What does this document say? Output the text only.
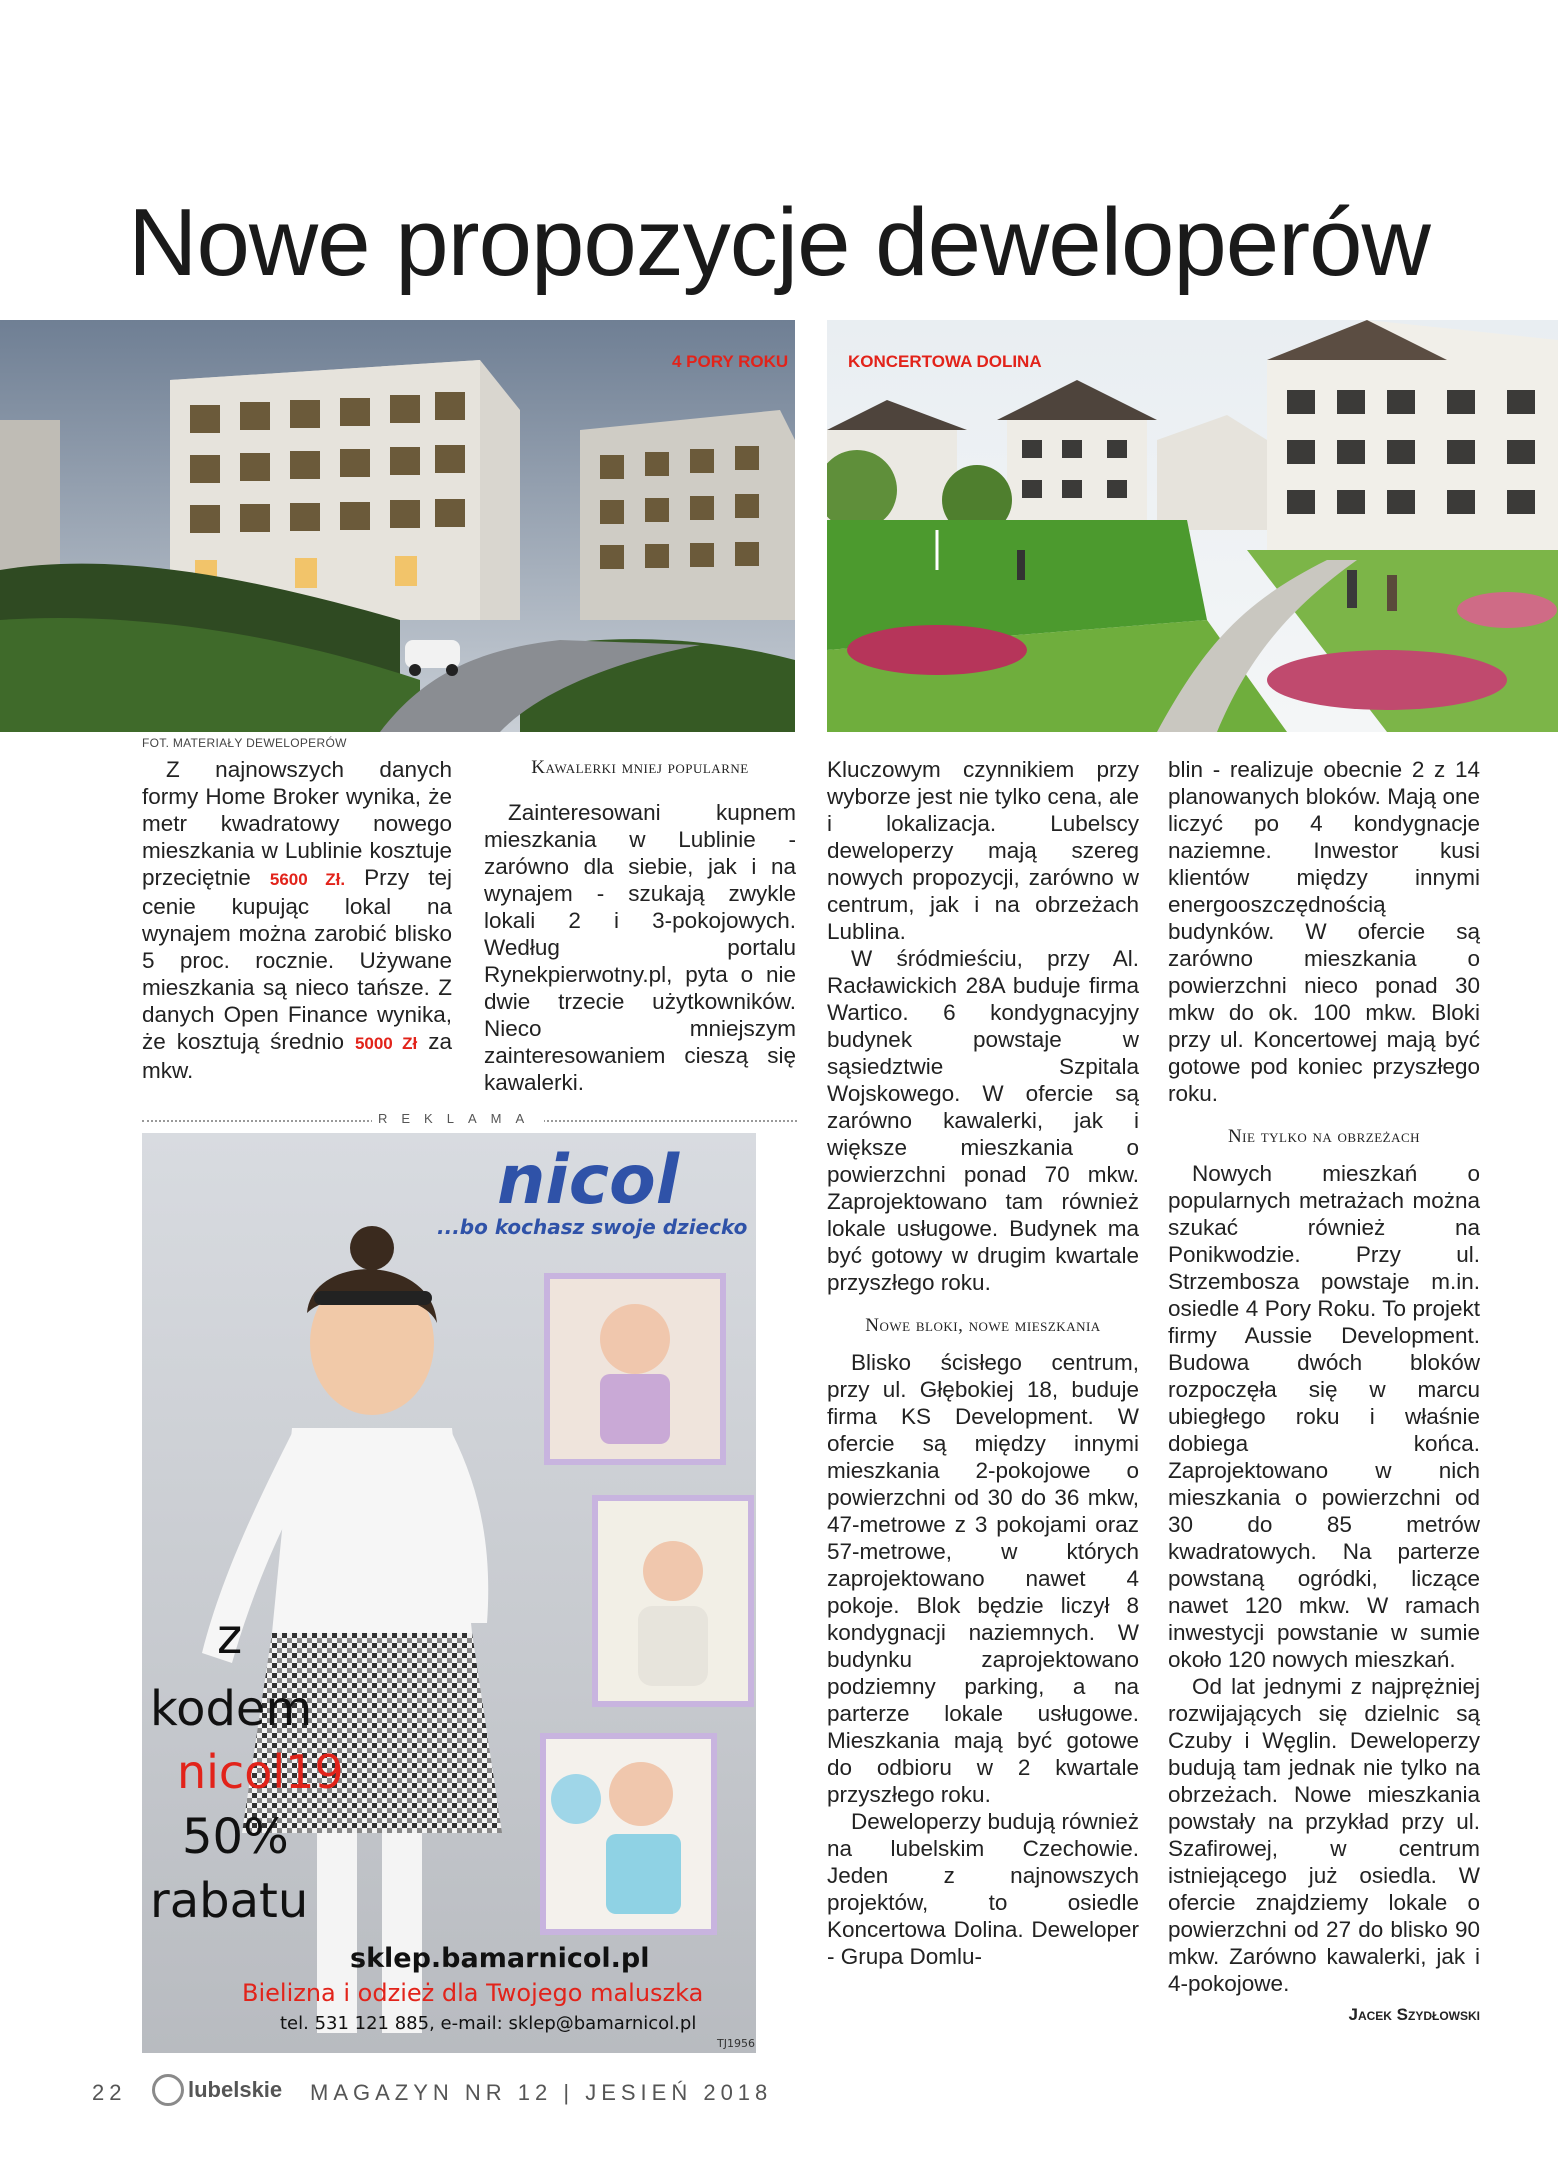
Nowe propozycje deweloperów
4 PORY ROKU	KONCERTOWA DOLINA
FOT. MATERIAŁY DEWELOPERÓW

Z najnowszych danych formy Home Broker wynika, że metr kwadratowy nowego mieszkania w Lublinie kosztuje przeciętnie 5600 Zł. Przy tej cenie kupując lokal na wynajem można zarobić blisko 5 proc. rocznie. Używane mieszkania są nieco tańsze. Z danych Open Finance wynika, że kosztują średnio 5000 Zł za mkw.

Kawalerki mniej popularne

Zainteresowani kupnem mieszkania w Lublinie - zarówno dla siebie, jak i na wynajem - szukają zwykle lokali 2 i 3-pokojowych. Według portalu Rynekpierwotny.pl, pyta o nie dwie trzecie użytkowników. Nieco mniejszym zainteresowaniem cieszą się kawalerki.

Kluczowym czynnikiem przy wyborze jest nie tylko cena, ale i lokalizacja. Lubelscy deweloperzy mają szereg nowych propozycji, zarówno w centrum, jak i na obrzeżach Lublina.

W śródmieściu, przy Al. Racławickich 28A buduje firma Wartico. 6 kondygnacyjny budynek powstaje w sąsiedztwie Szpitala Wojskowego. W ofercie są zarówno kawalerki, jak i większe mieszkania o powierzchni ponad 70 mkw. Zaprojektowano tam również lokale usługowe. Budynek ma być gotowy w drugim kwartale przyszłego roku.

Nowe bloki, nowe mieszkania

Blisko ścisłego centrum, przy ul. Głębokiej 18, buduje firma KS Development. W ofercie są między innymi mieszkania 2-pokojowe o powierzchni od 30 do 36 mkw, 47-metrowe z 3 pokojami oraz 57-metrowe, w których zaprojektowano nawet 4 pokoje. Blok będzie liczył 8 kondygnacji naziemnych. W budynku zaprojektowano podziemny parking, a na parterze lokale usługowe. Mieszkania mają być gotowe do odbioru w 2 kwartale przyszłego roku.

Deweloperzy budują również na lubelskim Czechowie. Jeden z najnowszych projektów, to osiedle Koncertowa Dolina. Deweloper - Grupa Domlu-

blin - realizuje obecnie 2 z 14 planowanych bloków. Mają one liczyć po 4 kondygnacje naziemne. Inwestor kusi klientów między innymi energooszczędnością budynków. W ofercie są zarówno mieszkania o powierzchni nieco ponad 30 mkw do ok. 100 mkw. Bloki przy ul. Koncertowej mają być gotowe pod koniec przyszłego roku.

Nie tylko na obrzeżach

Nowych mieszkań o popularnych metrażach można szukać również na Ponikwodzie. Przy ul. Strzembosza powstaje m.in. osiedle 4 Pory Roku. To projekt firmy Aussie Development. Budowa dwóch bloków rozpoczęła się w marcu ubiegłego roku i właśnie dobiega końca. Zaprojektowano w nich mieszkania o powierzchni od 30 do 85 metrów kwadratowych. Na parterze powstaną ogródki, liczące nawet 120 mkw. W ramach inwestycji powstanie w sumie około 120 nowych mieszkań.

Od lat jednymi z najprężniej rozwijających się dzielnic są Czuby i Węglin. Deweloperzy budują tam jednak nie tylko na obrzeżach. Nowe mieszkania powstały na przykład przy ul. Szafirowej, w centrum istniejącego już osiedla. W ofercie znajdziemy lokale o powierzchni od 27 do blisko 90 mkw. Zarówno kawalerki, jak i 4-pokojowe.

Jacek Szydłowski
REKLAMA
nicol
...bo kochasz swoje dziecko
z
kodem
nicol19
50%
rabatu
sklep.bamarnicol.pl
Bielizna i odzież dla Twojego maluszka
tel. 531 121 885, e-mail: sklep@bamarnicol.pl
TJ1956
22	lubelskie MAGAZYN NR 12 | JESIEŃ 2018
